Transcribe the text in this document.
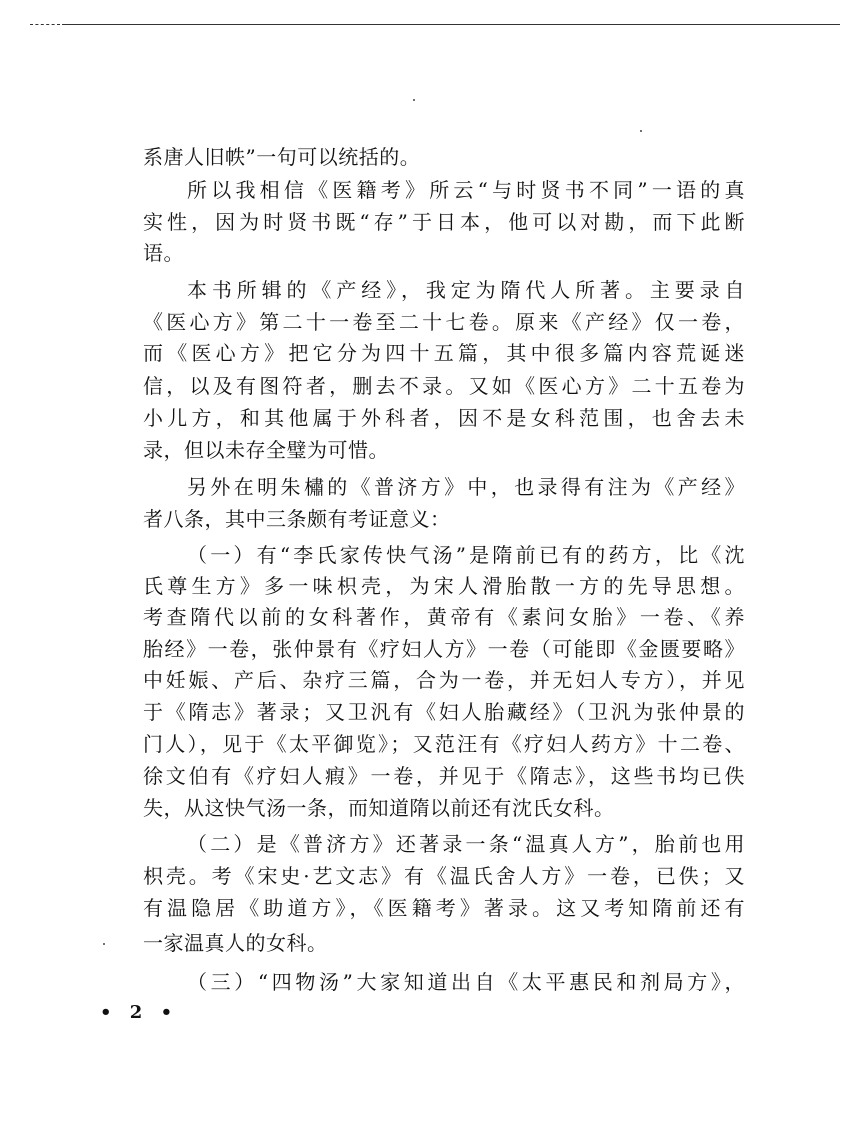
系唐人旧帙”一句可以统括的。
所以我相信《医籍考》所云“与时贤书不同”一语的真
实性，因为时贤书既“存”于日本，他可以对勘，而下此断
语。
本书所辑的《产经》，我定为隋代人所著。主要录自
《医心方》第二十一卷至二十七卷。原来《产经》仅一卷，
而《医心方》把它分为四十五篇，其中很多篇内容荒诞迷
信，以及有图符者，删去不录。又如《医心方》二十五卷为
小儿方，和其他属于外科者，因不是女科范围，也舍去未
录，但以未存全璧为可惜。
另外在明朱橚的《普济方》中，也录得有注为《产经》
者八条，其中三条颇有考证意义：
（一）有“李氏家传快气汤”是隋前已有的药方，比《沈
氏尊生方》多一味枳壳，为宋人滑胎散一方的先导思想。
考查隋代以前的女科著作，黄帝有《素问女胎》一卷、《养
胎经》一卷，张仲景有《疗妇人方》一卷（可能即《金匮要略》
中妊娠、产后、杂疗三篇，合为一卷，并无妇人专方），并见
于《隋志》著录；又卫汎有《妇人胎藏经》（卫汎为张仲景的
门人），见于《太平御览》；又范汪有《疗妇人药方》十二卷、
徐文伯有《疗妇人瘕》一卷，并见于《隋志》，这些书均已佚
失，从这快气汤一条，而知道隋以前还有沈氏女科。
（二）是《普济方》还著录一条“温真人方”，胎前也用
枳壳。考《宋史·艺文志》有《温氏舍人方》一卷，已佚；又
有温隐居《助道方》，《医籍考》著录。这又考知隋前还有
一家温真人的女科。
（三）“四物汤”大家知道出自《太平惠民和剂局方》，
• 2 •
